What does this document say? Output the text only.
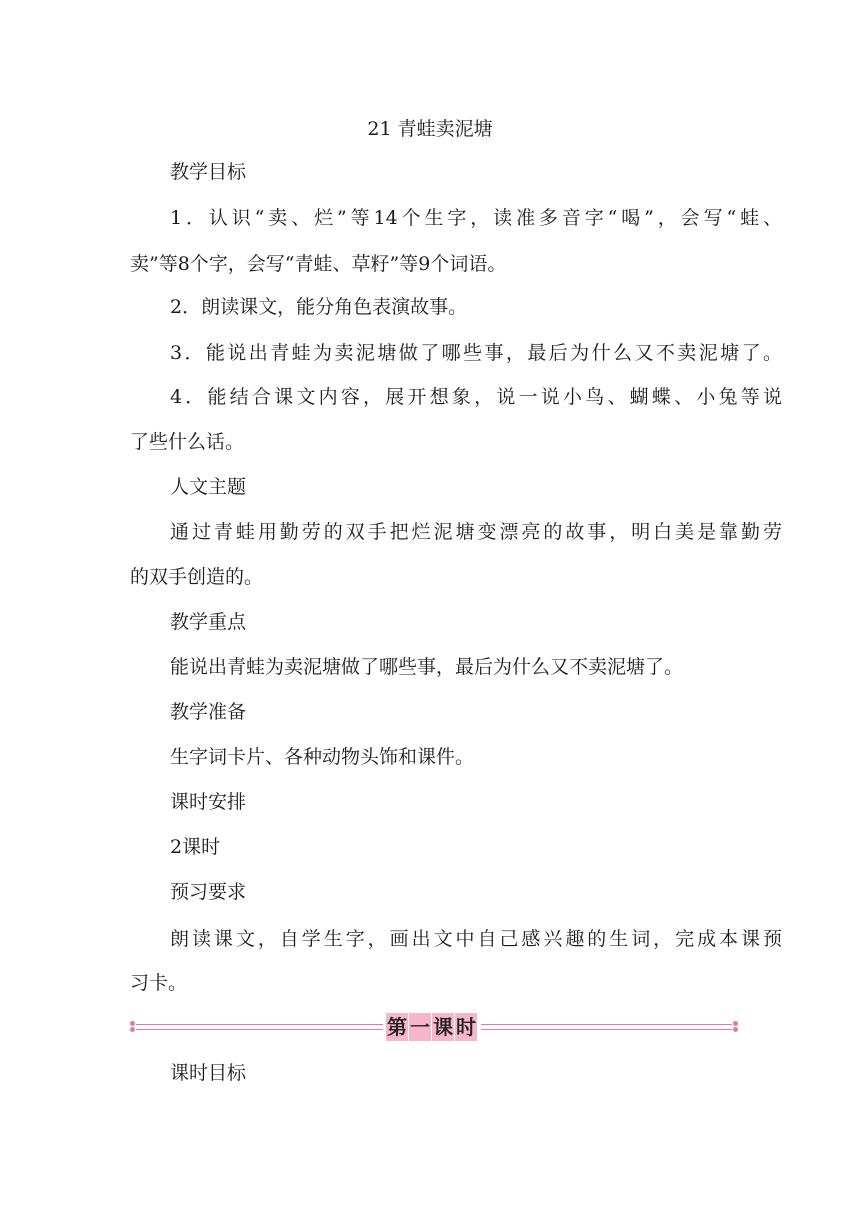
21 青蛙卖泥塘
教学目标
1．认识“卖、烂”等14个生字，读准多音字“喝”，会写“蛙、
卖”等8个字，会写“青蛙、草籽”等9个词语。
2．朗读课文，能分角色表演故事。
3．能说出青蛙为卖泥塘做了哪些事，最后为什么又不卖泥塘了。
4．能结合课文内容，展开想象，说一说小鸟、蝴蝶、小兔等说
了些什么话。
人文主题
通过青蛙用勤劳的双手把烂泥塘变漂亮的故事，明白美是靠勤劳
的双手创造的。
教学重点
能说出青蛙为卖泥塘做了哪些事，最后为什么又不卖泥塘了。
教学准备
生字词卡片、各种动物头饰和课件。
课时安排
2课时
预习要求
朗读课文，自学生字，画出文中自己感兴趣的生词，完成本课预
习卡。
第 一 课 时
课时目标
